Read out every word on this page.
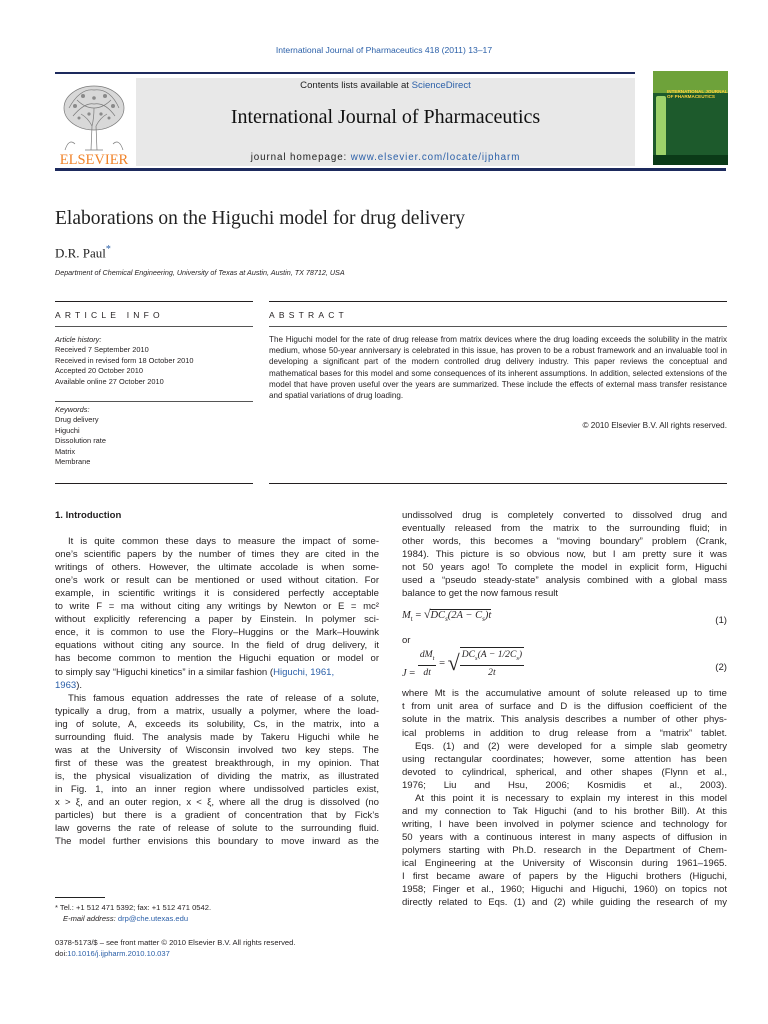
International Journal of Pharmaceutics 418 (2011) 13–17
Contents lists available at ScienceDirect
International Journal of Pharmaceutics
journal homepage: www.elsevier.com/locate/ijpharm
ELSEVIER
INTERNATIONAL JOURNAL OF PHARMACEUTICS
Elaborations on the Higuchi model for drug delivery
D.R. Paul*
Department of Chemical Engineering, University of Texas at Austin, Austin, TX 78712, USA
ARTICLE INFO	ABSTRACT
Article history:
Received 7 September 2010
Received in revised form 18 October 2010
Accepted 20 October 2010
Available online 27 October 2010
Keywords:
Drug delivery
Higuchi
Dissolution rate
Matrix
Membrane
The Higuchi model for the rate of drug release from matrix devices where the drug loading exceeds the solubility in the matrix medium, whose 50-year anniversary is celebrated in this issue, has proven to be a robust framework and an invaluable tool in developing a significant part of the modern controlled drug delivery industry. This paper reviews the conceptual and mathematical bases for this model and some consequences of its inherent assumptions. In addition, selected extensions of the model that have proven useful over the years are summarized. These include the effects of external mass transfer resistance and spatial variations of drug loading.
© 2010 Elsevier B.V. All rights reserved.
1. Introduction
It is quite common these days to measure the impact of some-
one’s scientific papers by the number of times they are cited in the
writings of others. However, the ultimate accolade is when some-
one’s work or result can be mentioned or used without citation. For
example, in scientific writings it is considered perfectly acceptable
to write F = ma without citing any writings by Newton or E = mc²
without explicitly referencing a paper by Einstein. In polymer sci-
ence, it is common to use the Flory–Huggins or the Mark–Houwink
equations without citing any source. In the field of drug delivery, it
has become common to mention the Higuchi equation or model or
to simply say “Higuchi kinetics” in a similar fashion (Higuchi, 1961,
1963).
This famous equation addresses the rate of release of a solute,
typically a drug, from a matrix, usually a polymer, where the load-
ing of solute, A, exceeds its solubility, Cs, in the matrix, into a
surrounding fluid. The analysis made by Takeru Higuchi while he
was at the University of Wisconsin involved two key steps. The
first of these was the greatest breakthrough, in my opinion. That
is, the physical visualization of dividing the matrix, as illustrated
in Fig. 1, into an inner region where undissolved particles exist,
x > ξ, and an outer region, x < ξ, where all the drug is dissolved (no
particles) but there is a gradient of concentration that by Fick’s
law governs the rate of release of solute to the surrounding fluid.
The model further envisions this boundary to move inward as the
undissolved drug is completely converted to dissolved drug and
eventually released from the matrix to the surrounding fluid; in
other words, this becomes a “moving boundary” problem (Crank,
1984). This picture is so obvious now, but I am pretty sure it was
not 50 years ago! To complete the model in explicit form, Higuchi
used a “pseudo steady-state” analysis combined with a global mass
balance to get the now famous result
$M_t = √DC_s(2A - C_s)t$	(1)
or
$J = \frac{dM_t}{dt}$ = √ $\frac{DC_s(A - 1/2C_s)}{2t}$	(2)
where Mt is the accumulative amount of solute released up to time
t from unit area of surface and D is the diffusion coefficient of the
solute in the matrix. This analysis describes a number of other phys-
ical problems in addition to drug release from a “matrix” tablet.
Eqs. (1) and (2) were developed for a simple slab geometry
using rectangular coordinates; however, some attention has been
devoted to cylindrical, spherical, and other shapes (Flynn et al.,
1976; Liu and Hsu, 2006; Kosmidis et al., 2003).
At this point it is necessary to explain my interest in this model
and my connection to Tak Higuchi (and to his brother Bill). At this
writing, I have been involved in polymer science and technology for
50 years with a continuous interest in many aspects of diffusion in
polymers starting with Ph.D. research in the Department of Chem-
ical Engineering at the University of Wisconsin during 1961–1965.
I first became aware of papers by the Higuchi brothers (Higuchi,
1958; Finger et al., 1960; Higuchi and Higuchi, 1960) on topics not
directly related to Eqs. (1) and (2) while guiding the research of my
* Tel.: +1 512 471 5392; fax: +1 512 471 0542.
E-mail address: drp@che.utexas.edu
0378-5173/$ – see front matter © 2010 Elsevier B.V. All rights reserved.
doi:10.1016/j.ijpharm.2010.10.037
